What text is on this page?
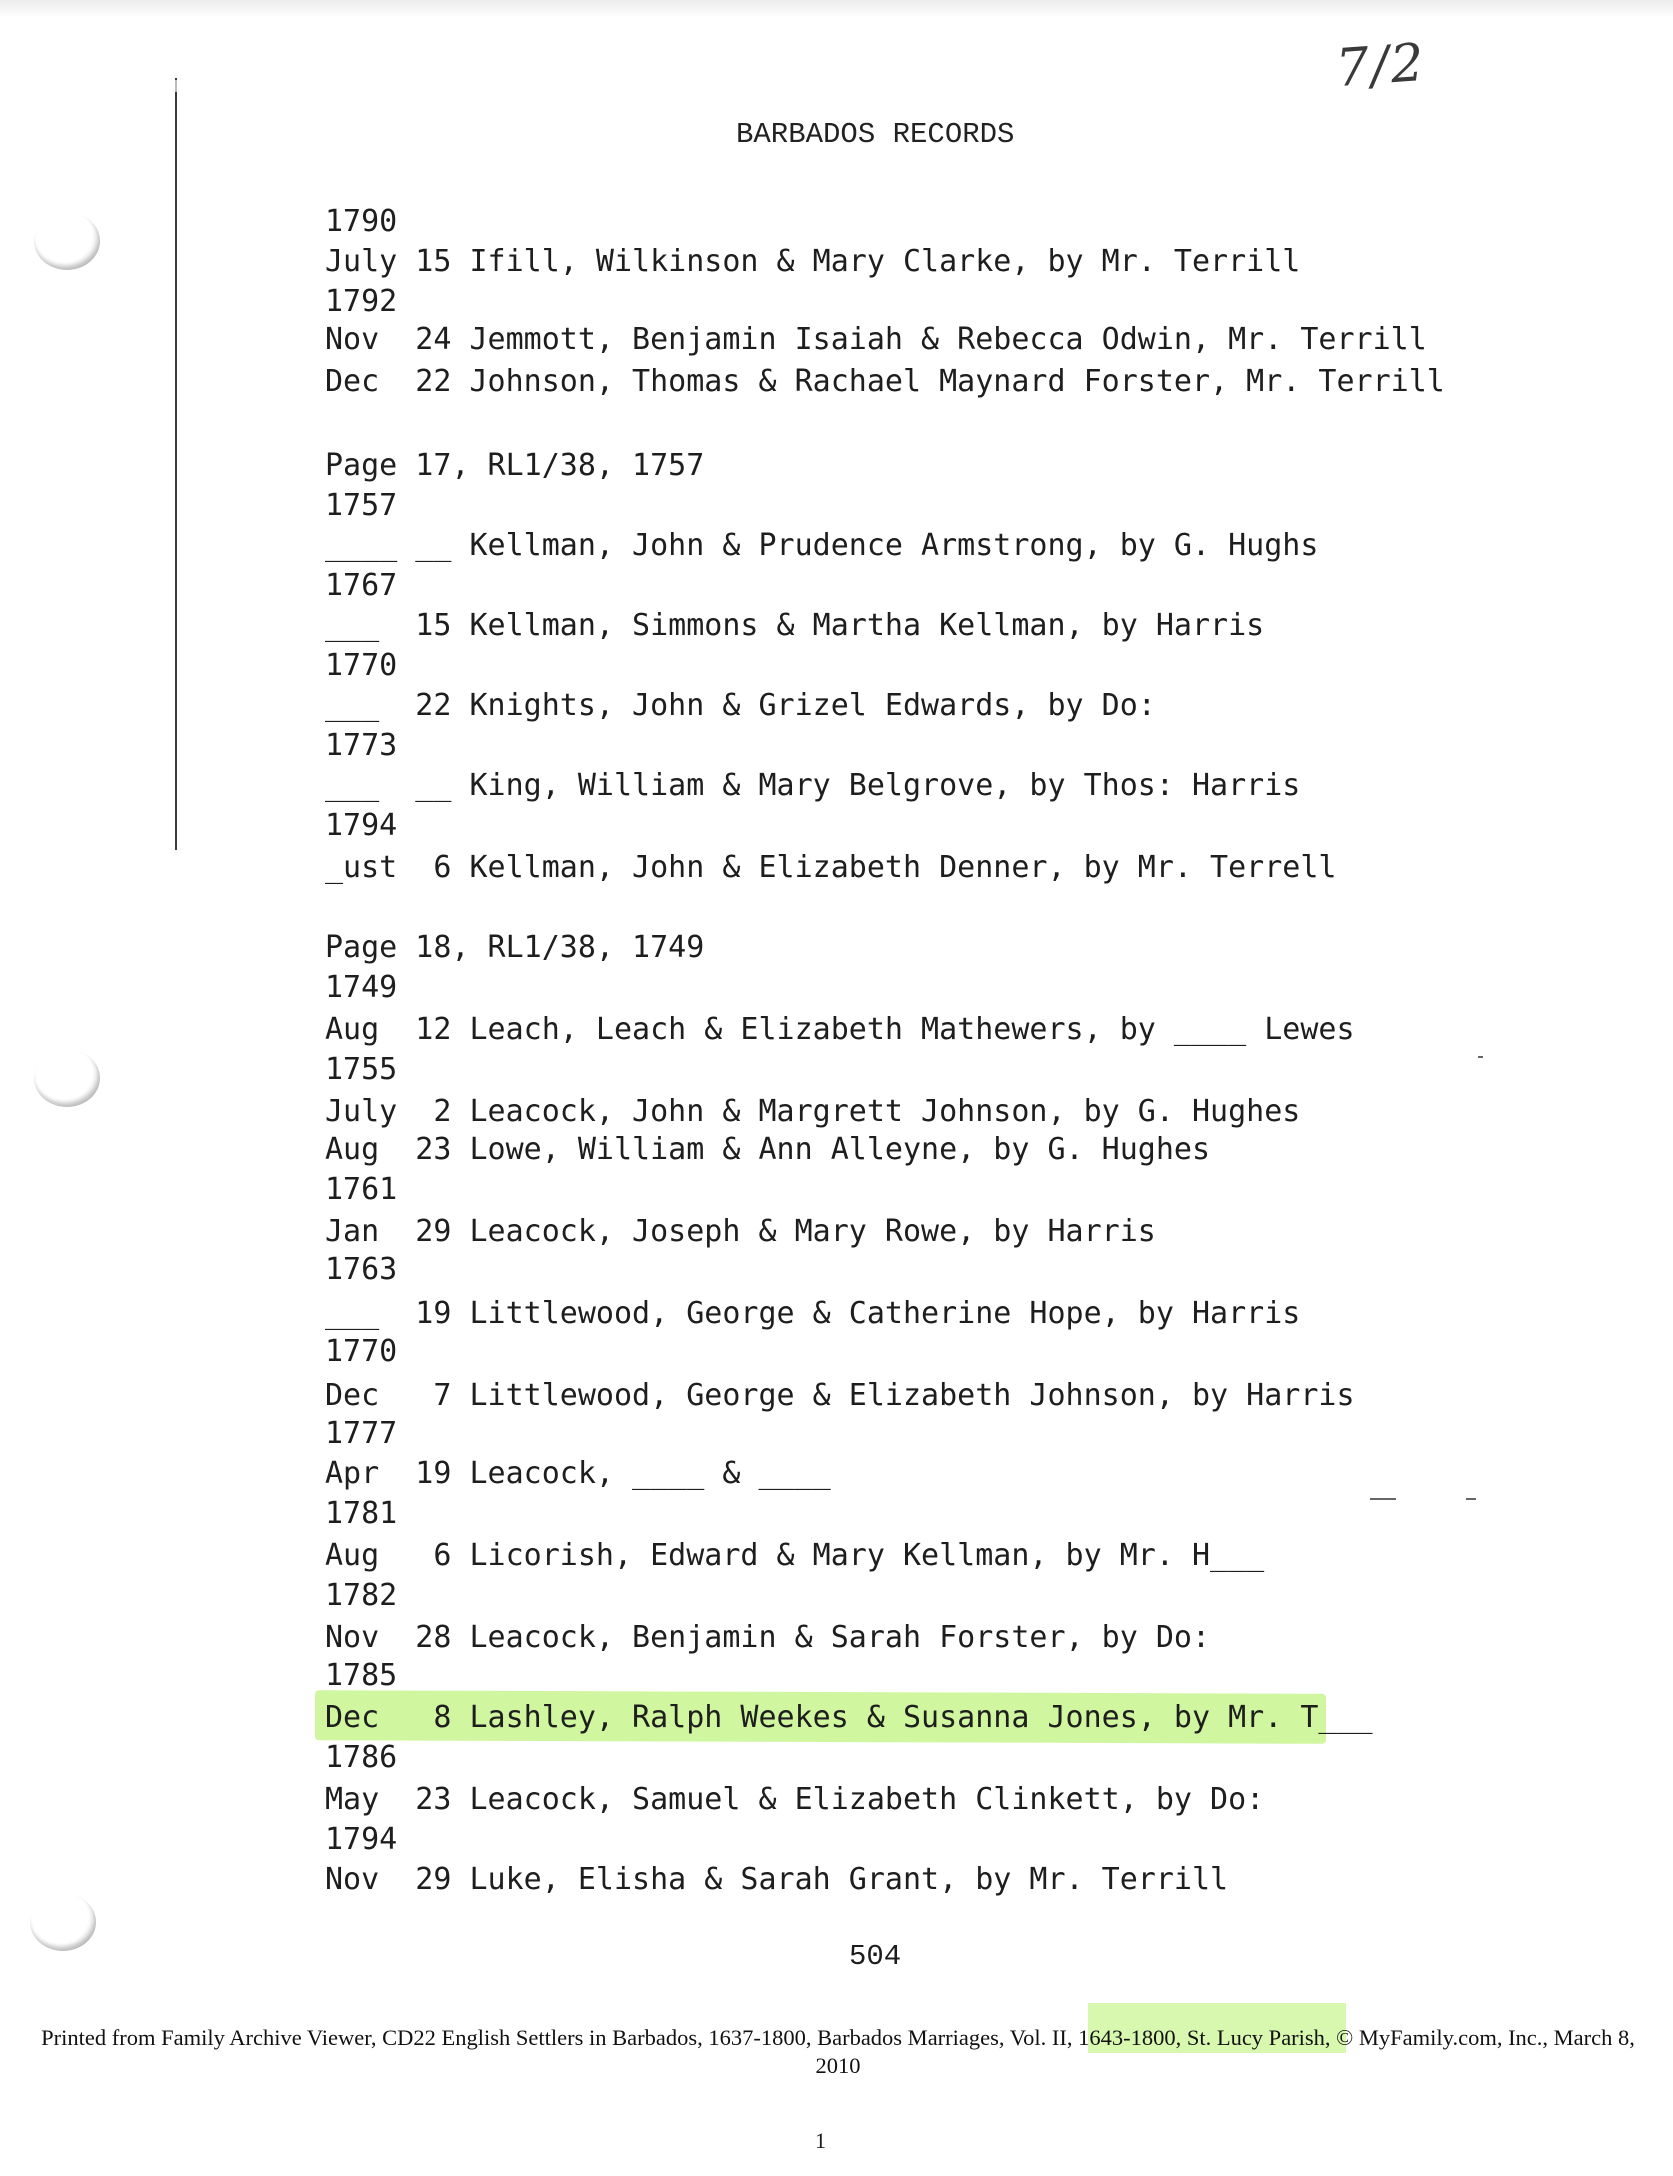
7/2
BARBADOS RECORDS
1790
July 15 Ifill, Wilkinson & Mary Clarke, by Mr. Terrill
1792
Nov  24 Jemmott, Benjamin Isaiah & Rebecca Odwin, Mr. Terrill
Dec  22 Johnson, Thomas & Rachael Maynard Forster, Mr. Terrill
Page 17, RL1/38, 1757
1757
____ __ Kellman, John & Prudence Armstrong, by G. Hughs
1767
___  15 Kellman, Simmons & Martha Kellman, by Harris
1770
___  22 Knights, John & Grizel Edwards, by Do:
1773
___  __ King, William & Mary Belgrove, by Thos: Harris
1794
_ust  6 Kellman, John & Elizabeth Denner, by Mr. Terrell
Page 18, RL1/38, 1749
1749
Aug  12 Leach, Leach & Elizabeth Mathewers, by ____ Lewes
1755
July  2 Leacock, John & Margrett Johnson, by G. Hughes
Aug  23 Lowe, William & Ann Alleyne, by G. Hughes
1761
Jan  29 Leacock, Joseph & Mary Rowe, by Harris
1763
___  19 Littlewood, George & Catherine Hope, by Harris
1770
Dec   7 Littlewood, George & Elizabeth Johnson, by Harris
1777
Apr  19 Leacock, ____ & ____
1781
Aug   6 Licorish, Edward & Mary Kellman, by Mr. H___
1782
Nov  28 Leacock, Benjamin & Sarah Forster, by Do:
1785
Dec   8 Lashley, Ralph Weekes & Susanna Jones, by Mr. T___
1786
May  23 Leacock, Samuel & Elizabeth Clinkett, by Do:
1794
Nov  29 Luke, Elisha & Sarah Grant, by Mr. Terrill
504
Printed from Family Archive Viewer, CD22 English Settlers in Barbados, 1637-1800, Barbados Marriages, Vol. II, 1643-1800, St. Lucy Parish, © MyFamily.com, Inc., March 8, 2010
1
